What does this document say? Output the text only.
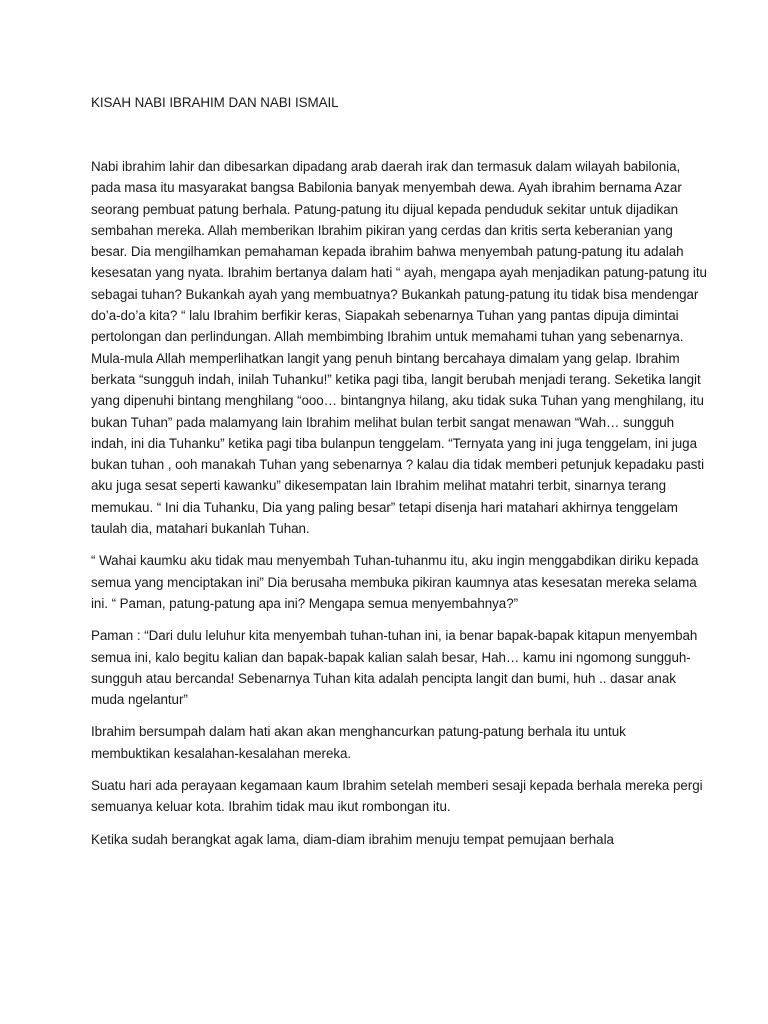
KISAH NABI IBRAHIM DAN NABI ISMAIL

Nabi ibrahim lahir dan dibesarkan dipadang arab daerah irak dan termasuk dalam wilayah babilonia,
pada masa itu masyarakat bangsa Babilonia banyak menyembah dewa. Ayah ibrahim bernama Azar
seorang pembuat patung berhala. Patung-patung itu dijual kepada penduduk sekitar untuk dijadikan
sembahan mereka. Allah memberikan Ibrahim pikiran yang cerdas dan kritis serta keberanian yang
besar. Dia mengilhamkan pemahaman kepada ibrahim bahwa menyembah patung-patung itu adalah
kesesatan yang nyata. Ibrahim bertanya dalam hati “ ayah, mengapa ayah menjadikan patung-patung itu
sebagai tuhan? Bukankah ayah yang membuatnya? Bukankah patung-patung itu tidak bisa mendengar
do’a-do’a kita? “ lalu Ibrahim berfikir keras, Siapakah sebenarnya Tuhan yang pantas dipuja dimintai
pertolongan dan perlindungan. Allah membimbing Ibrahim untuk memahami tuhan yang sebenarnya.
Mula-mula Allah memperlihatkan langit yang penuh bintang bercahaya dimalam yang gelap. Ibrahim
berkata “sungguh indah, inilah Tuhanku!” ketika pagi tiba, langit berubah menjadi terang. Seketika langit
yang dipenuhi bintang menghilang “ooo… bintangnya hilang, aku tidak suka Tuhan yang menghilang, itu
bukan Tuhan” pada malamyang lain Ibrahim melihat bulan terbit sangat menawan “Wah… sungguh
indah, ini dia Tuhanku” ketika pagi tiba bulanpun tenggelam. “Ternyata yang ini juga tenggelam, ini juga
bukan tuhan , ooh manakah Tuhan yang sebenarnya ? kalau dia tidak memberi petunjuk kepadaku pasti
aku juga sesat seperti kawanku” dikesempatan lain Ibrahim melihat matahri terbit, sinarnya terang
memukau. “ Ini dia Tuhanku, Dia yang paling besar” tetapi disenja hari matahari akhirnya tenggelam
taulah dia, matahari bukanlah Tuhan.

“ Wahai kaumku aku tidak mau menyembah Tuhan-tuhanmu itu, aku ingin menggabdikan diriku kepada
semua yang menciptakan ini” Dia berusaha membuka pikiran kaumnya atas kesesatan mereka selama
ini. “ Paman, patung-patung apa ini? Mengapa semua menyembahnya?”

Paman : “Dari dulu leluhur kita menyembah tuhan-tuhan ini, ia benar bapak-bapak kitapun menyembah
semua ini, kalo begitu kalian dan bapak-bapak kalian salah besar, Hah… kamu ini ngomong sungguh-
sungguh atau bercanda! Sebenarnya Tuhan kita adalah pencipta langit dan bumi, huh .. dasar anak
muda ngelantur”

Ibrahim bersumpah dalam hati akan akan menghancurkan patung-patung berhala itu untuk
membuktikan kesalahan-kesalahan mereka.

Suatu hari ada perayaan kegamaan kaum Ibrahim setelah memberi sesaji kepada berhala mereka pergi
semuanya keluar kota. Ibrahim tidak mau ikut rombongan itu.

Ketika sudah berangkat agak lama, diam-diam ibrahim menuju tempat pemujaan berhala
